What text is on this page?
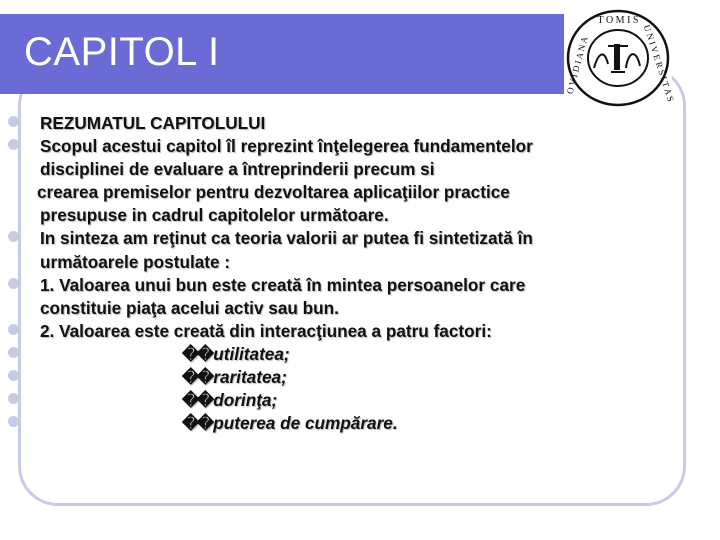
CAPITOL I
T O M I S
U N I V E R S I T A S
O V I D I A N A
REZUMATUL CAPITOLULUI
Scopul acestui capitol îl reprezint înţelegerea fundamentelor
disciplinei de evaluare a întreprinderii precum si
crearea premiselor pentru dezvoltarea aplicaţiilor practice
presupuse in cadrul capitolelor următoare.
In sinteza am reţinut ca teoria valorii ar putea fi sintetizată în
următoarele postulate :
1. Valoarea unui bun este creată în mintea persoanelor care
constituie piaţa acelui activ sau bun.
2. Valoarea este creată din interacţiunea a patru factori:
�� utilitatea;
�� raritatea;
�� dorinţa;
�� puterea de cumpărare.
